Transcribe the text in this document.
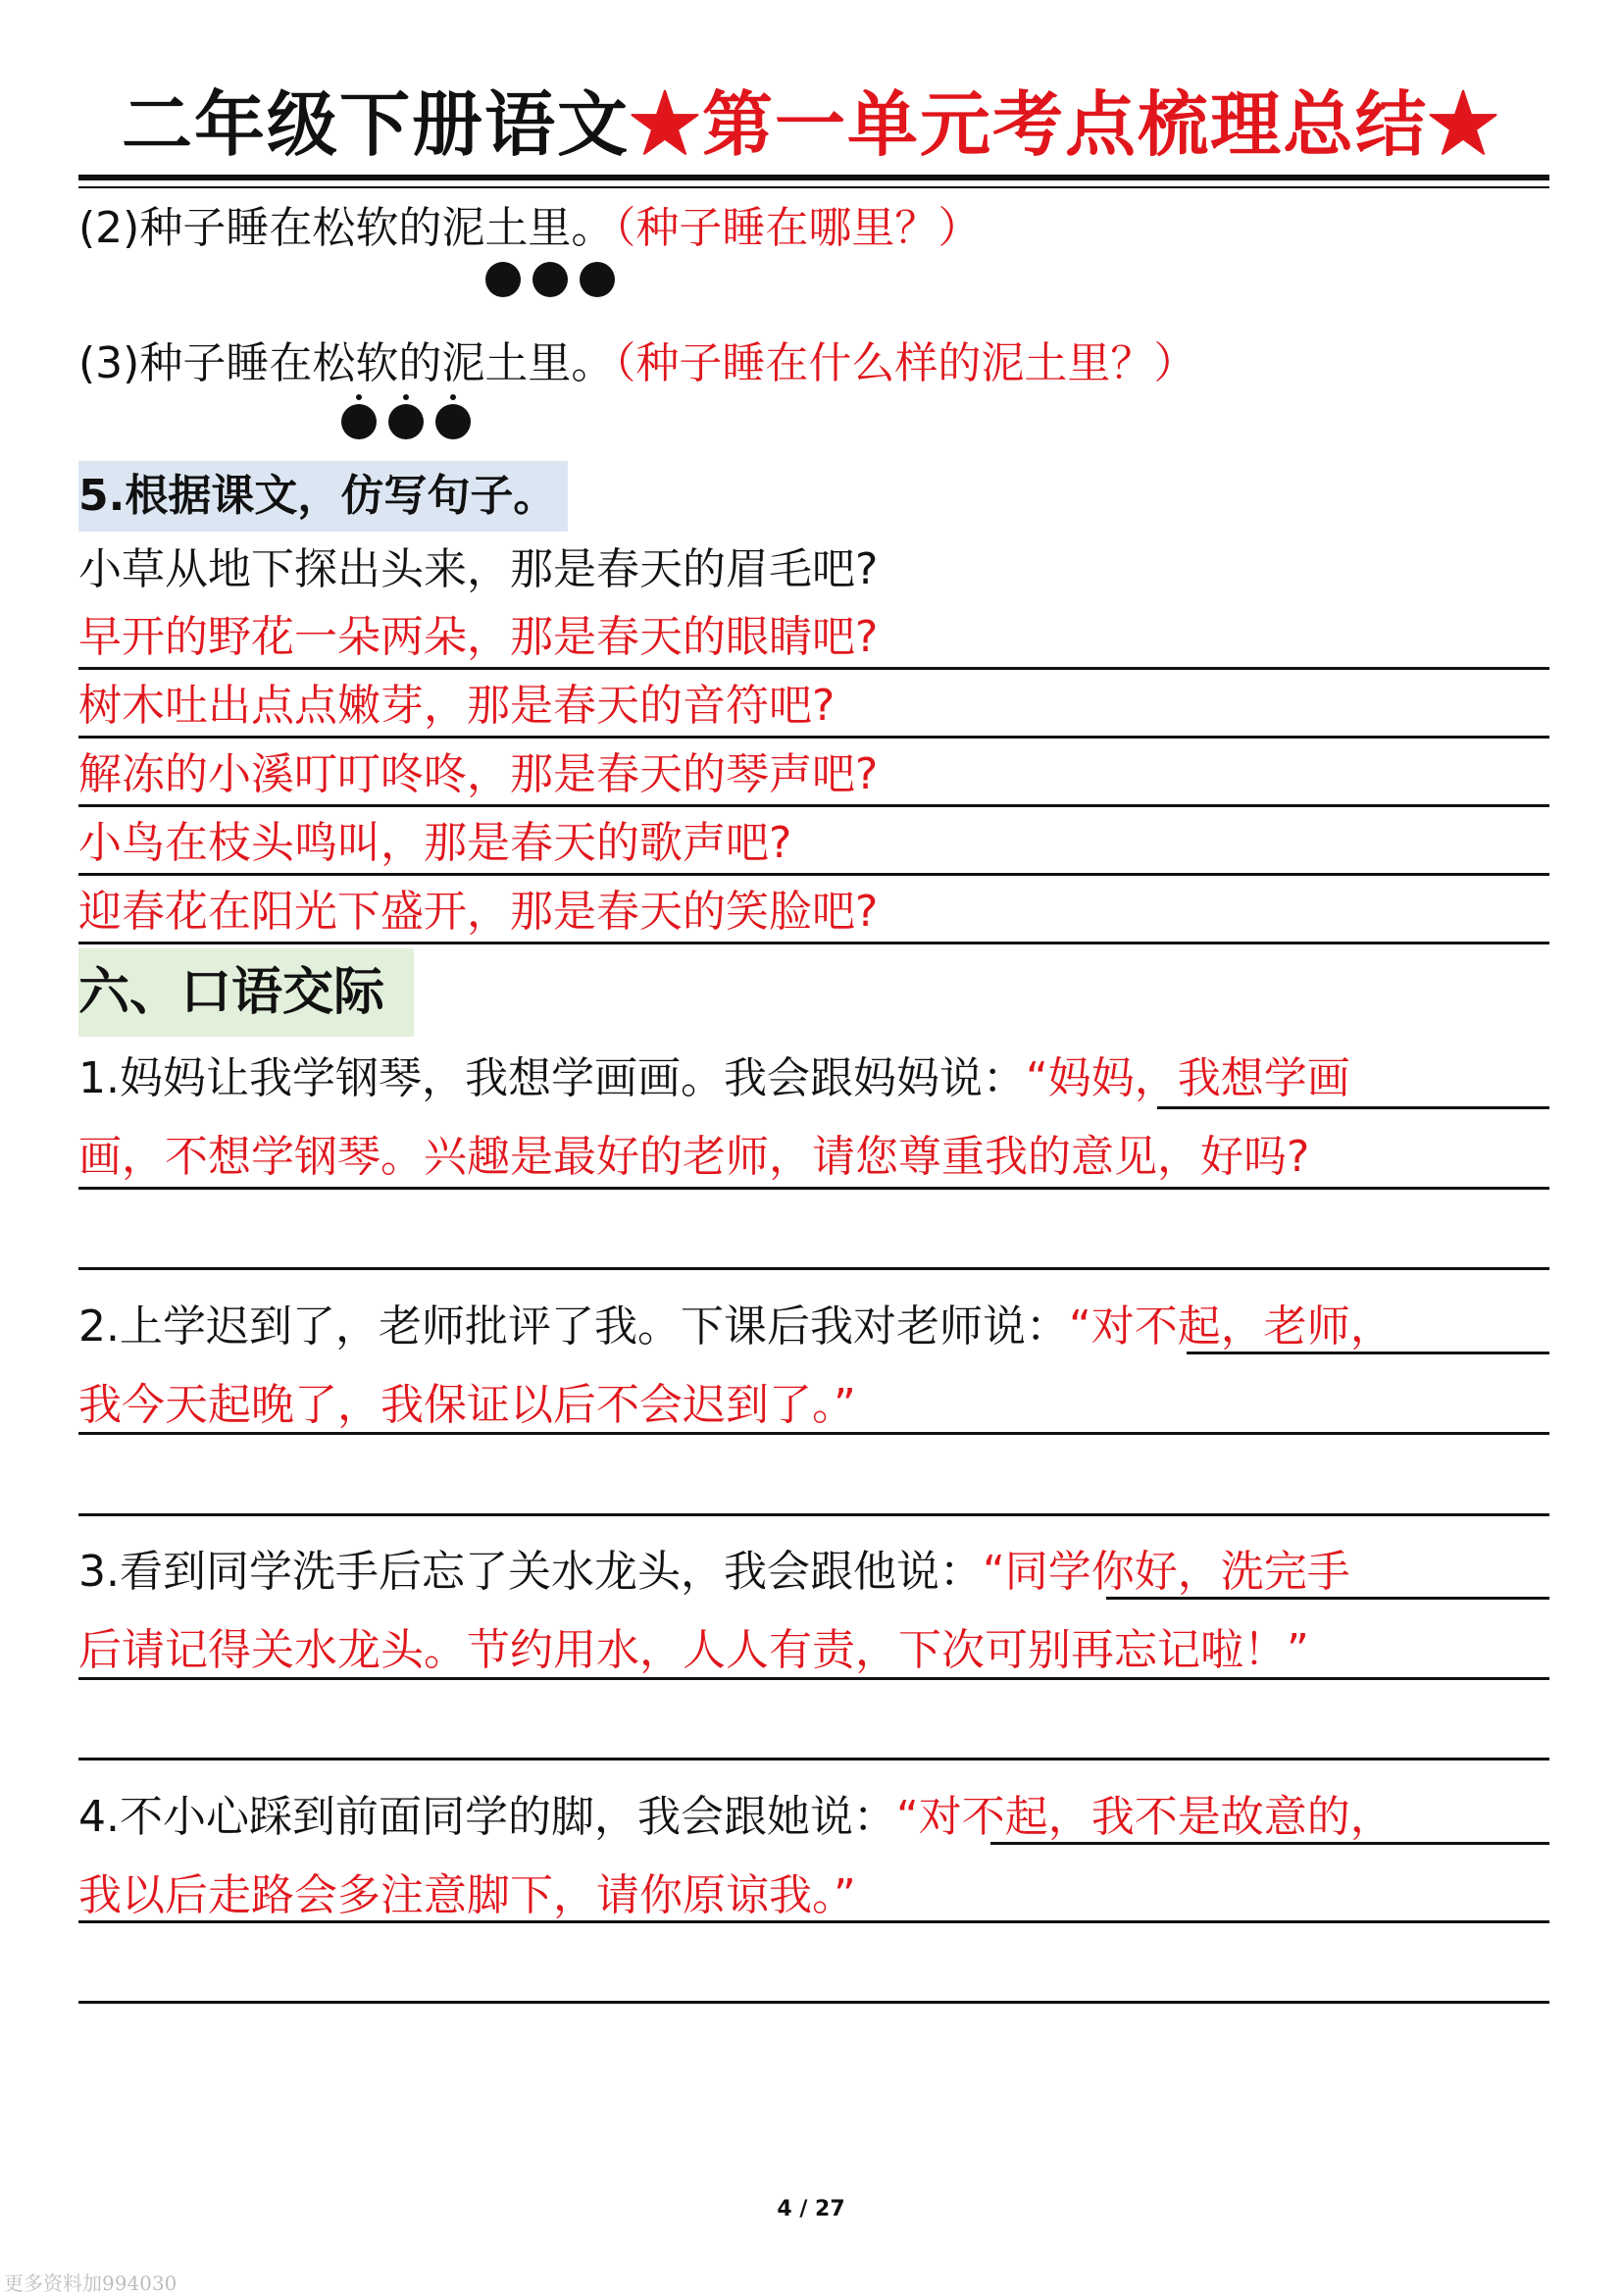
二年级下册语文★第一单元考点梳理总结★
(2)种子睡在松软的泥土里。（种子睡在哪里？）
(3)种子睡在松软的泥土里。（种子睡在什么样的泥土里？）
5.根据课文，仿写句子。
小草从地下探出头来，那是春天的眉毛吧?
早开的野花一朵两朵，那是春天的眼睛吧?
树木吐出点点嫩芽，那是春天的音符吧?
解冻的小溪叮叮咚咚，那是春天的琴声吧?
小鸟在枝头鸣叫，那是春天的歌声吧?
迎春花在阳光下盛开，那是春天的笑脸吧?
六、口语交际
1.妈妈让我学钢琴，我想学画画。我会跟妈妈说：“妈妈，我想学画
画，不想学钢琴。兴趣是最好的老师，请您尊重我的意见，好吗?
2.上学迟到了，老师批评了我。下课后我对老师说：“对不起，老师，
我今天起晚了，我保证以后不会迟到了。”
3.看到同学洗手后忘了关水龙头，我会跟他说：“同学你好，洗完手
后请记得关水龙头。节约用水，人人有责，下次可别再忘记啦！”
4.不小心踩到前面同学的脚，我会跟她说：“对不起，我不是故意的，
我以后走路会多注意脚下，请你原谅我。”
4 / 27
更多资料加994030
